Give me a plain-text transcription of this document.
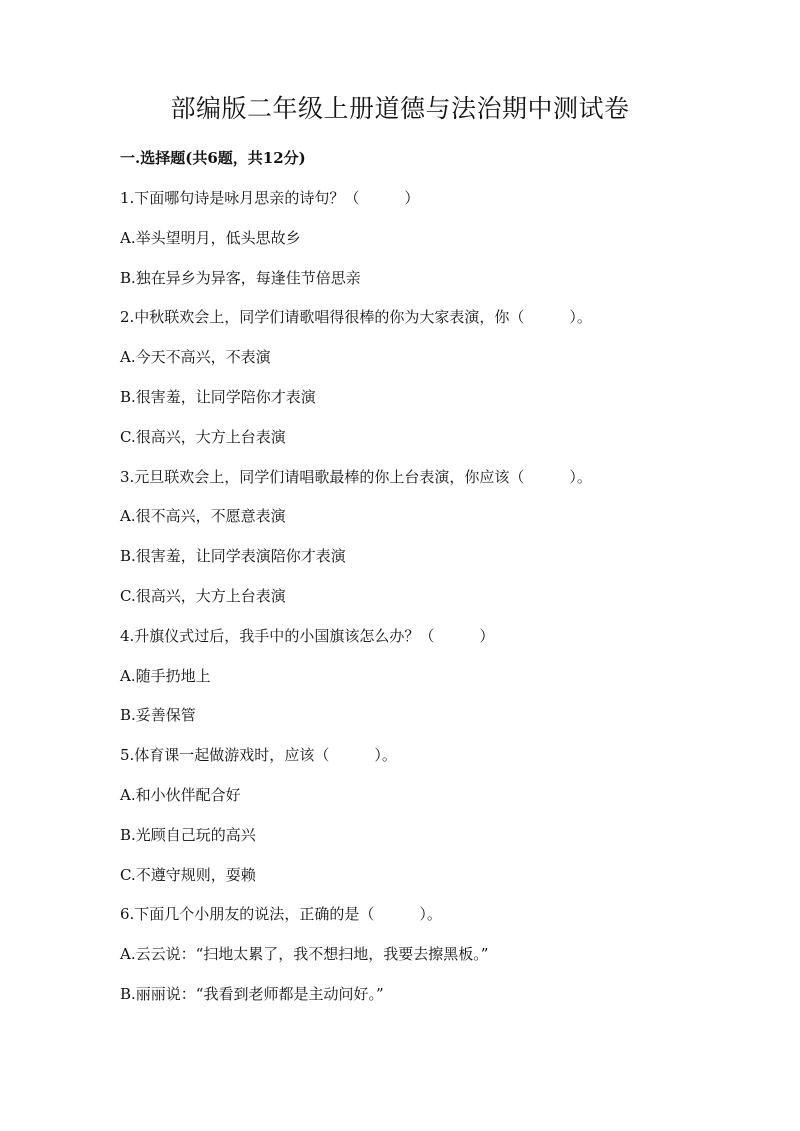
部编版二年级上册道德与法治期中测试卷
一.选择题(共6题，共12分)
1.下面哪句诗是咏月思亲的诗句？（　　　）
A.举头望明月，低头思故乡
B.独在异乡为异客，每逢佳节倍思亲
2.中秋联欢会上，同学们请歌唱得很棒的你为大家表演，你（　　　）。
A.今天不高兴，不表演
B.很害羞，让同学陪你才表演
C.很高兴，大方上台表演
3.元旦联欢会上，同学们请唱歌最棒的你上台表演，你应该（　　　）。
A.很不高兴，不愿意表演
B.很害羞，让同学表演陪你才表演
C.很高兴，大方上台表演
4.升旗仪式过后，我手中的小国旗该怎么办？（　　　）
A.随手扔地上
B.妥善保管
5.体育课一起做游戏时，应该（　　　）。
A.和小伙伴配合好
B.光顾自己玩的高兴
C.不遵守规则，耍赖
6.下面几个小朋友的说法，正确的是（　　　）。
A.云云说：“扫地太累了，我不想扫地，我要去擦黑板。”
B.丽丽说：“我看到老师都是主动问好。”
